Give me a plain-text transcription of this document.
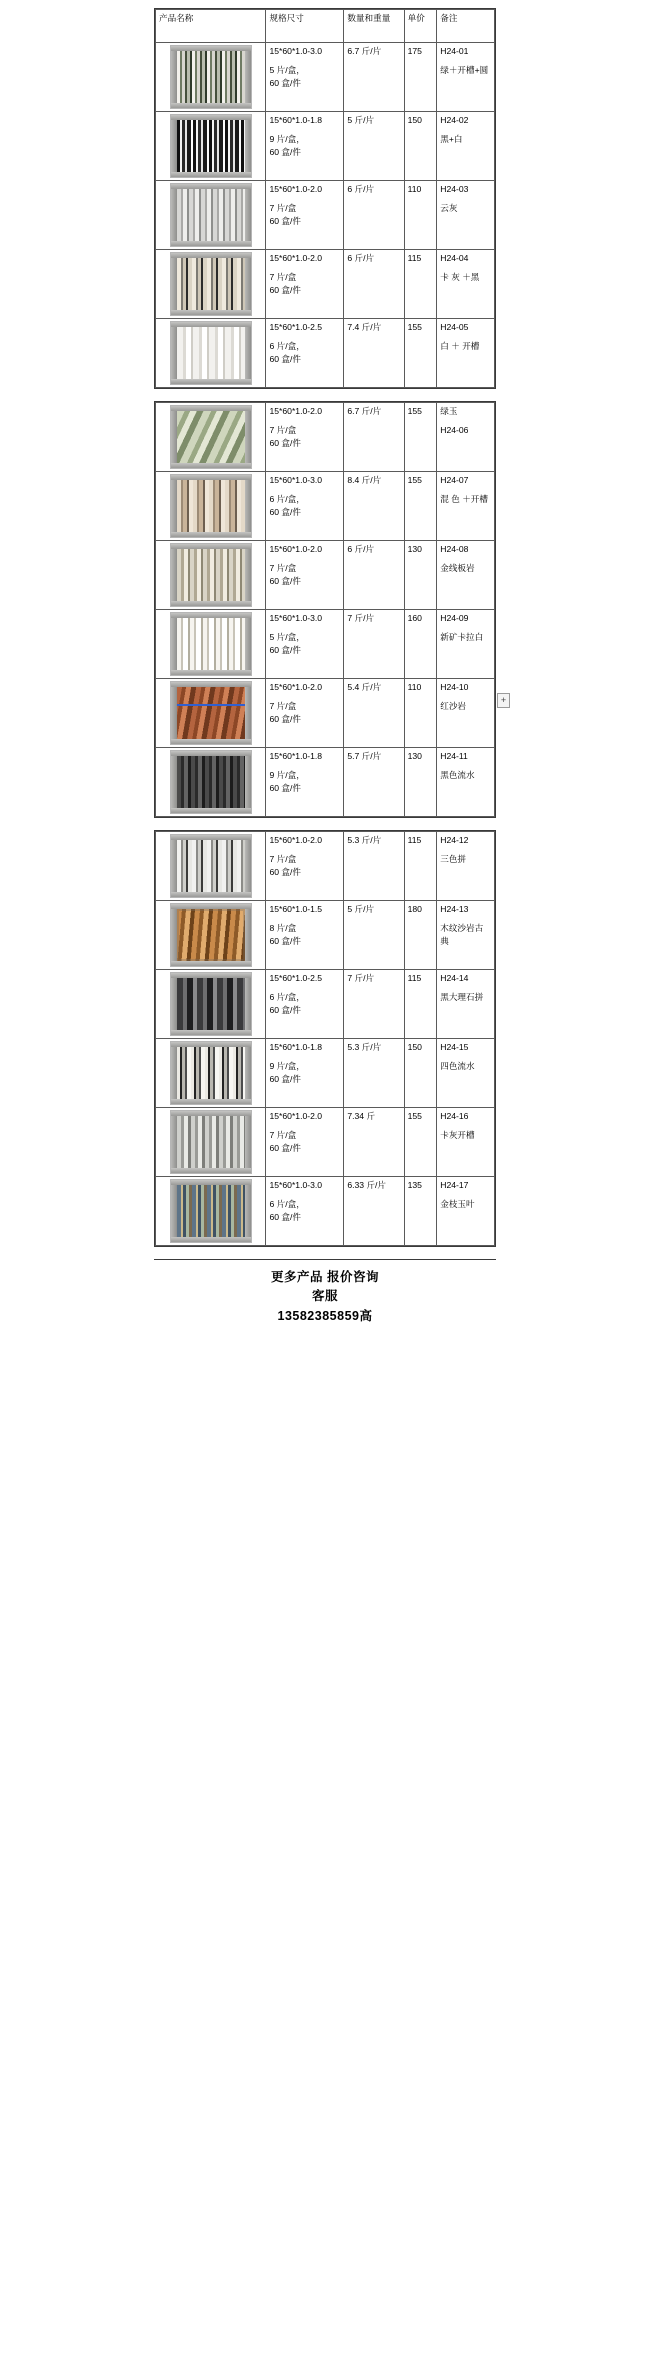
产品名称	规格尺寸	数量和重量	单价	备注

	15*60*1.0-3.0
5 片/盒，
60 盒/件	6.7 斤/片	175	H24-01
绿＋开槽+圆

	15*60*1.0-1.8
9 片/盒，
60 盒/件	5 斤/片	150	H24-02
黑+白

	15*60*1.0-2.0
7 片/盒
60 盒/件	6 斤/片	110	H24-03
云灰

	15*60*1.0-2.0
7 片/盒
60 盒/件	6 斤/片	115	H24-04
卡 灰 ＋黑

	15*60*1.0-2.5
6 片/盒，
60 盒/件	7.4 斤/片	155	H24-05
白 ＋ 开槽

	15*60*1.0-2.0
7 片/盒
60 盒/件	6.7 斤/片	155	绿玉
H24-06

	15*60*1.0-3.0
6 片/盒，
60 盒/件	8.4 斤/片	155	H24-07
混 色 ＋开槽

	15*60*1.0-2.0
7 片/盒
60 盒/件	6 斤/片	130	H24-08
金线板岩

	15*60*1.0-3.0
5 片/盒，
60 盒/件	7 斤/片	160	H24-09
新矿卡拉白

	15*60*1.0-2.0
7 片/盒
60 盒/件	5.4 斤/片	110	H24-10
红沙岩

	15*60*1.0-1.8
9 片/盒，
60 盒/件	5.7 斤/片	130	H24-11
黑色流水

	15*60*1.0-2.0
7 片/盒
60 盒/件	5.3 斤/片	115	H24-12
三色拼

	15*60*1.0-1.5
8 片/盒
60 盒/件	5 斤/片	180	H24-13
木纹沙岩古典

	15*60*1.0-2.5
6 片/盒，
60 盒/件	7 斤/片	115	H24-14
黑大理石拼

	15*60*1.0-1.8
9 片/盒，
60 盒/件	5.3 斤/片	150	H24-15
四色流水

	15*60*1.0-2.0
7 片/盒
60 盒/件	7.34 斤	155	H24-16
卡灰开槽

	15*60*1.0-3.0
6 片/盒，
60 盒/件	6.33 斤/片	135	H24-17
金枝玉叶
+
更多产品 报价咨询
客服
13582385859高
